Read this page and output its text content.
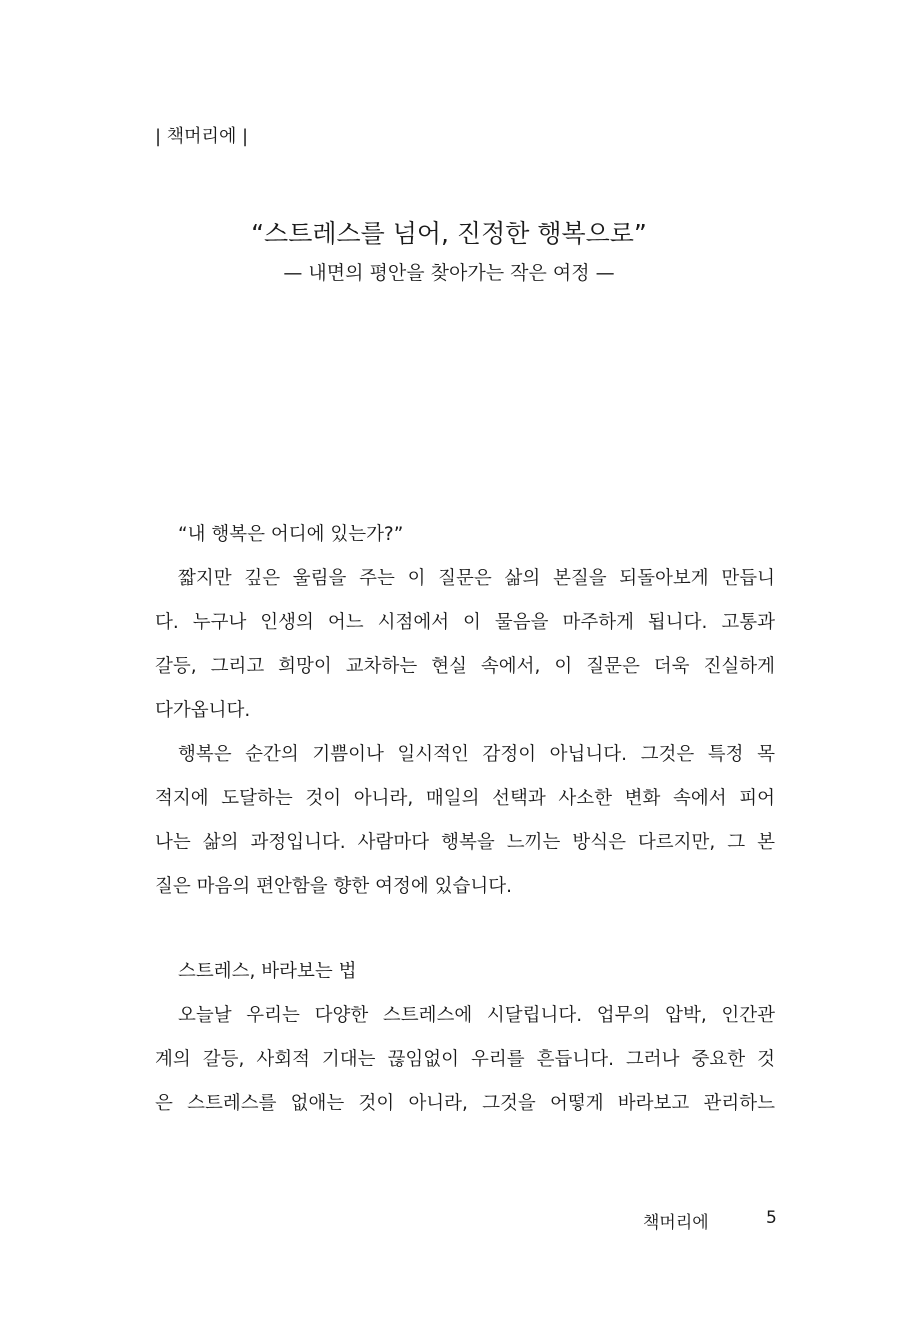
| 책머리에 |
“스트레스를 넘어, 진정한 행복으로”
— 내면의 평안을 찾아가는 작은 여정 —
“내 행복은 어디에 있는가?”
짧지만 깊은 울림을 주는 이 질문은 삶의 본질을 되돌아보게 만듭니
다. 누구나 인생의 어느 시점에서 이 물음을 마주하게 됩니다. 고통과
갈등, 그리고 희망이 교차하는 현실 속에서, 이 질문은 더욱 진실하게
다가옵니다.
행복은 순간의 기쁨이나 일시적인 감정이 아닙니다. 그것은 특정 목
적지에 도달하는 것이 아니라, 매일의 선택과 사소한 변화 속에서 피어
나는 삶의 과정입니다. 사람마다 행복을 느끼는 방식은 다르지만, 그 본
질은 마음의 편안함을 향한 여정에 있습니다.
스트레스, 바라보는 법
오늘날 우리는 다양한 스트레스에 시달립니다. 업무의 압박, 인간관
계의 갈등, 사회적 기대는 끊임없이 우리를 흔듭니다. 그러나 중요한 것
은 스트레스를 없애는 것이 아니라, 그것을 어떻게 바라보고 관리하느
책머리에	5
